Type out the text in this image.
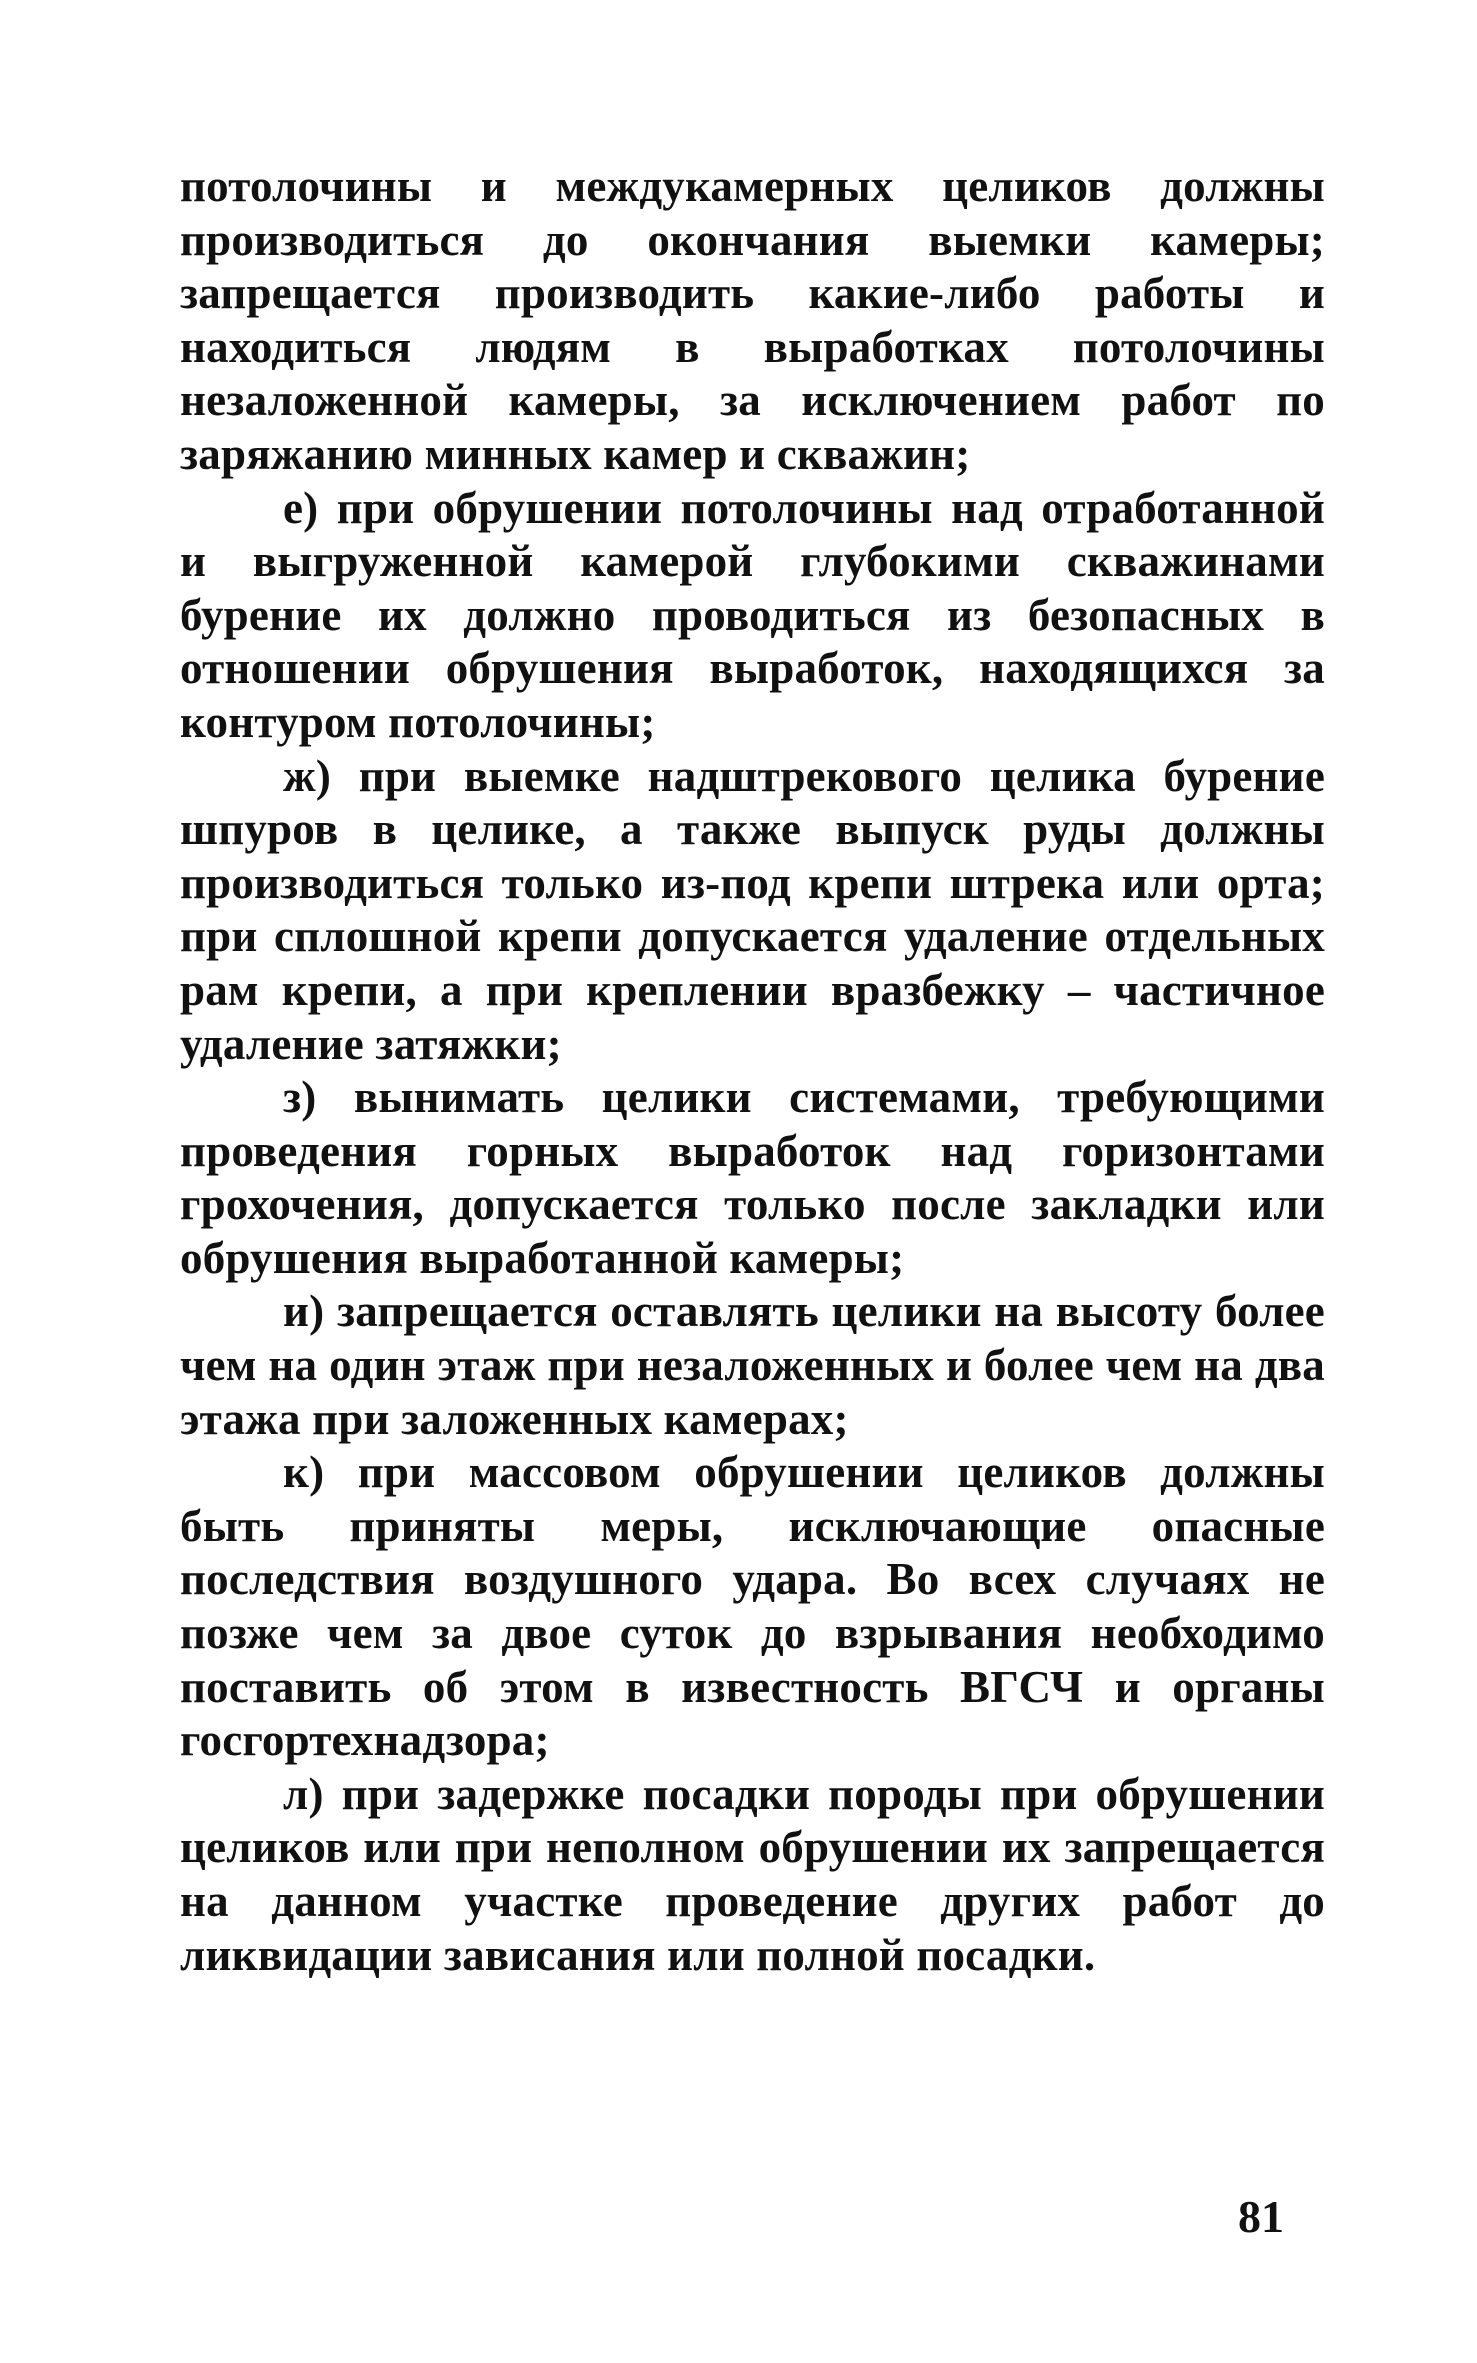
потолочины и междукамерных целиков должны производиться до окончания выемки камеры; запрещается производить какие-либо работы и находиться людям в выработках потолочины незаложенной камеры, за исключением работ по заряжанию минных камер и скважин;

е) при обрушении потолочины над отработанной и выгруженной камерой глубокими скважинами бурение их должно проводиться из безопасных в отношении обрушения выработок, находящихся за контуром потолочины;

ж) при выемке надштрекового целика бурение шпуров в целике, а также выпуск руды должны производиться только из-под крепи штрека или орта; при сплошной крепи допускается удаление отдельных рам крепи, а при креплении вразбежку – частичное удаление затяжки;

з) вынимать целики системами, требующими проведения горных выработок над горизонтами грохочения, допускается только после закладки или обрушения выработанной камеры;

и) запрещается оставлять целики на высоту более чем на один этаж при незаложенных и более чем на два этажа при заложенных камерах;

к) при массовом обрушении целиков должны быть приняты меры, исключающие опасные последствия воздушного удара. Во всех случаях не позже чем за двое суток до взрывания необходимо поставить об этом в известность ВГСЧ и органы госгортехнадзора;

л) при задержке посадки породы при обрушении целиков или при неполном обрушении их запрещается на данном участке проведение других работ до ликвидации зависания или полной посадки.

81
